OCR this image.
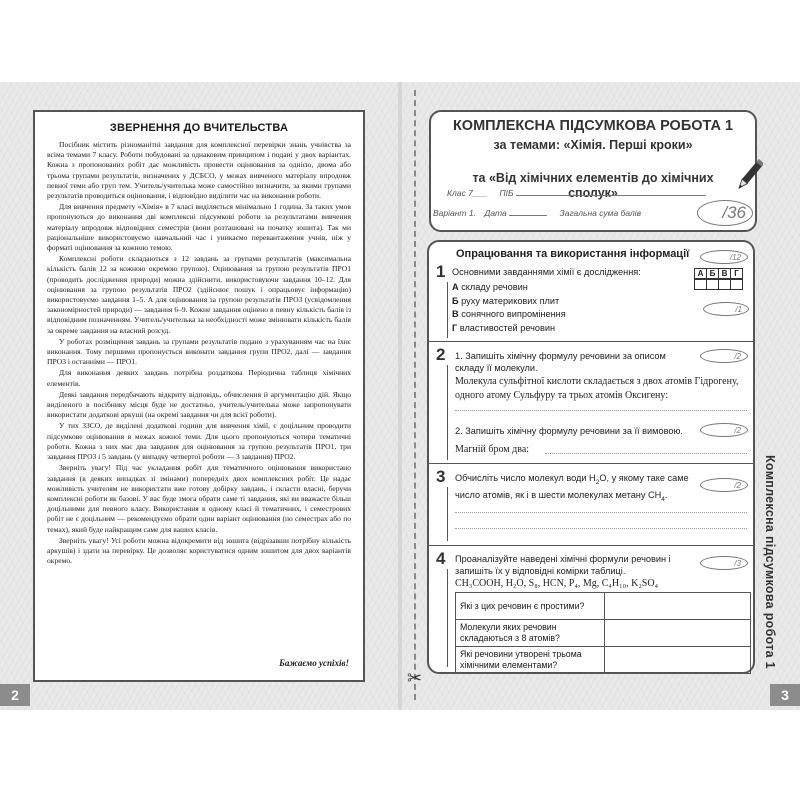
✂
ЗВЕРНЕННЯ ДО ВЧИТЕЛЬСТВА

Посібник містить різноманітні завдання для комплексної перевірки знань учнівства за всіма темами 7 класу. Роботи побудовані за однаковим принципом і подані у двох варіантах. Кожна з пропонованих робіт дає можливість провести оцінювання за однією, двома або трьома групами результатів, визначених у ДСБСО, у межах вивченого матеріалу впродовж певної теми або груп тем. Учитель/учителька може самостійно визначити, за якими групами результатів проводиться оцінювання, і відповідно виділити час на виконання роботи.

Для вивчення предмету «Хімія» в 7 класі виділяється мінімально 1 година. За таких умов пропонуються до виконання дві комплексні підсумкові роботи за результатами вивчення матеріалу впродовж відповідних семестрів (вони розташовані на початку зошита). Так ми раціональніше використовуємо навчальний час і уникаємо перевантаження учнів, ніж у форматі оцінювання за кожною темою.

Комплексні роботи складаються з 12 завдань за групами результатів (максимальна кількість балів 12 за кожною окремою групою). Оцінювання за групою результатів ПРО1 (проводить дослідження природи) можна здійснити, використовуючи завдання 10–12. Для оцінювання за групою результатів ПРО2 (здійснює пошук і опрацьовує інформацію) використовуємо завдання 1–5. А для оцінювання за групою результатів ПРО3 (усвідомлення закономірностей природи) — завдання 6–9. Кожне завдання оцінено в певну кількість балів із відповідним позначенням. Учитель/учителька за необхідності може змінювати кількість балів за окреме завдання на власний розсуд.

У роботах розміщення завдань за групами результатів подано з урахуванням час на їхнє виконання. Тому першими пропонується виконати завдання групи ПРО2, далі — завдання ПРО3 і останніми — ПРО1.

Для виконання деяких завдань потрібна роздаткова Періодична таблиця хімічних елементів.

Деякі завдання передбачають відкриту відповідь, обчислення й аргументацію дій. Якщо виділеного в посібнику місця буде не достатньо, учитель/учителька може запропонувати використати додаткові аркуші (на окремі завдання чи для всієї роботи).

У тих ЗЗСО, де виділені додаткові години для вивчення хімії, є доцільним проводити підсумкове оцінювання в межах кожної теми. Для цього пропонуються чотири тематичні роботи. Кожна з них має два завдання для оцінювання за групою результатів ПРО1, три завдання ПРО3 і 5 завдань (у випадку четвертої роботи — 3 завдання) ПРО2.

Зверніть увагу! Під час укладання робіт для тематичного оцінювання використано завдання (в деяких випадках зі змінами) попередніх двох комплексних робіт. Це надає можливість учителям не використати вже готову добірку завдань, і скласти власні, беручи комплексні роботи як базові. У вас буде змога обрати саме ті завдання, які ви вважаєте більш доцільними для певного класу. Використання в одному класі й тематичних, і семестрових робіт не є доцільним — рекомендуємо обрати один варіант оцінювання (по семестрах або по темах), який буде найкращим саме для ваших класів.

Зверніть увагу! Усі роботи можна відокремити від зошита (відрізавши потрібну кількість аркушів) і здати на перевірку. Це дозволяє користуватися одним зошитом для двох варіантів окремо.

Бажаємо успіхів!
2
КОМПЛЕКСНА ПІДСУМКОВА РОБОТА 1
за темами: «Хімія. Перші кроки»
та «Від хімічних елементів до хімічних
сполук»
Клас 7___ ПІБ
Варіант 1. Дата	Загальна сума балів	/36
Опрацювання та використання інформації	/12
1 Основними завданнями хімії є дослідження:
А складу речовин
Б руху материкових плит
В сонячного випромінення
Г властивостей речовин
А Б В Г
/1
2 1. Запишіть хімічну формулу речовини за описом складу її молекули.
/2
Молекула сульфітної кислоти складається з двох атомів Гідрогену, одного атому Сульфуру та трьох атомів Оксигену:
2. Запишіть хімічну формулу речовини за її вимовою.	/2
Магній бром два:
3 Обчисліть число молекул води $H_2O$, у якому таке саме число атомів, як і в шести молекулах метану $CH_4$.
/2
4 Проаналізуйте наведені хімічні формули речовин і запишіть їх у відповідні комірки таблиці.
/3
CH₃COOH, H₂O, S₈, HCN, P₄, Mg, C₄H₁₀, K₂SO₄
Які з цих речовин є простими?	
Молекули яких речовин складаються з 8 атомів?	
Які речовини утворені трьома хімічними елементами?		Комплексна підсумкова робота 1
3
